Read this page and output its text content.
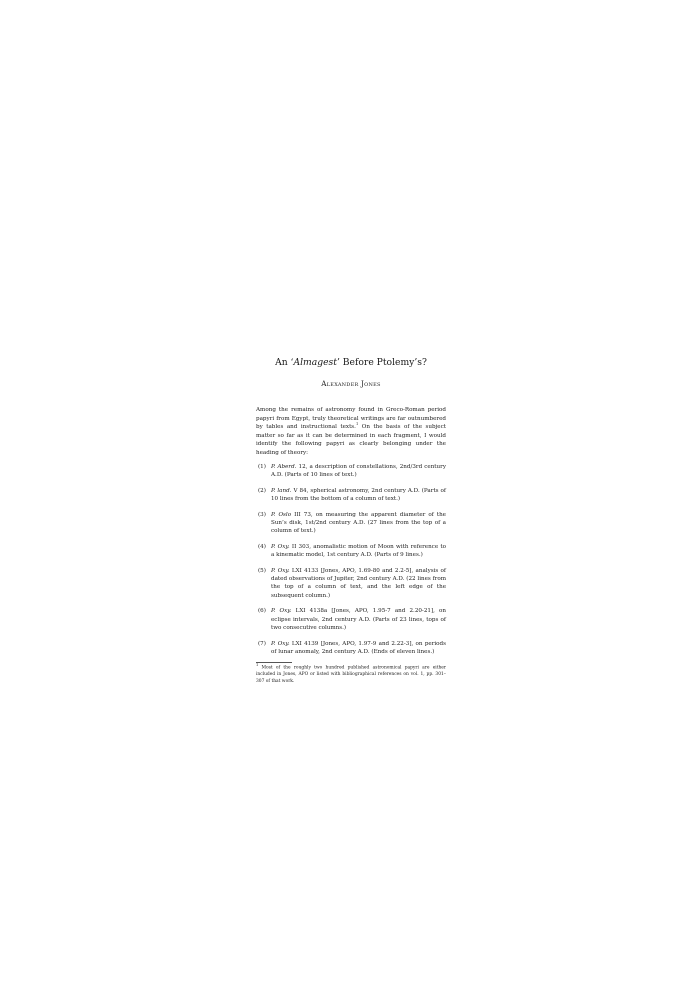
An ‘Almagest’ Before Ptolemy’s?
Alexander Jones

Among the remains of astronomy found in Greco-Roman period papyri from Egypt, truly theoretical writings are far outnumbered by tables and instructional texts.$^1$ On the basis of the subject matter so far as it can be determined in each fragment, I would identify the following papyri as clearly belonging under the heading of theory:

(1) P. Aberd. 12, a description of constellations, 2nd/3rd century A.D. (Parts of 10 lines of text.)
(2) P. land. V 84, spherical astronomy, 2nd century A.D. (Parts of 10 lines from the bottom of a column of text.)
(3) P. Oslo III 73, on measuring the apparent diameter of the Sun’s disk, 1st/2nd century A.D. (27 lines from the top of a column of text.)
(4) P. Oxy. II 303, anomalistic motion of Moon with reference to a kinematic model, 1st century A.D. (Parts of 9 lines.)
(5) P. Oxy. LXI 4133 [Jones, APO, 1.69-80 and 2.2-5], analysis of dated observations of Jupiter, 2nd century A.D. (22 lines from the top of a column of text, and the left edge of the subsequent column.)
(6) P. Oxy. LXI 4138a [Jones, APO, 1.95-7 and 2.20-21], on eclipse intervals, 2nd century A.D. (Parts of 23 lines, tops of two consecutive columns.)
(7) P. Oxy. LXI 4139 [Jones, APO, 1.97-9 and 2.22-3], on periods of lunar anomaly, 2nd century A.D. (Ends of eleven lines.)
$^1$ Most of the roughly two hundred published astronomical papyri are either included in Jones, APO or listed with bibliographical references on vol. 1, pp. 301–307 of that work.
